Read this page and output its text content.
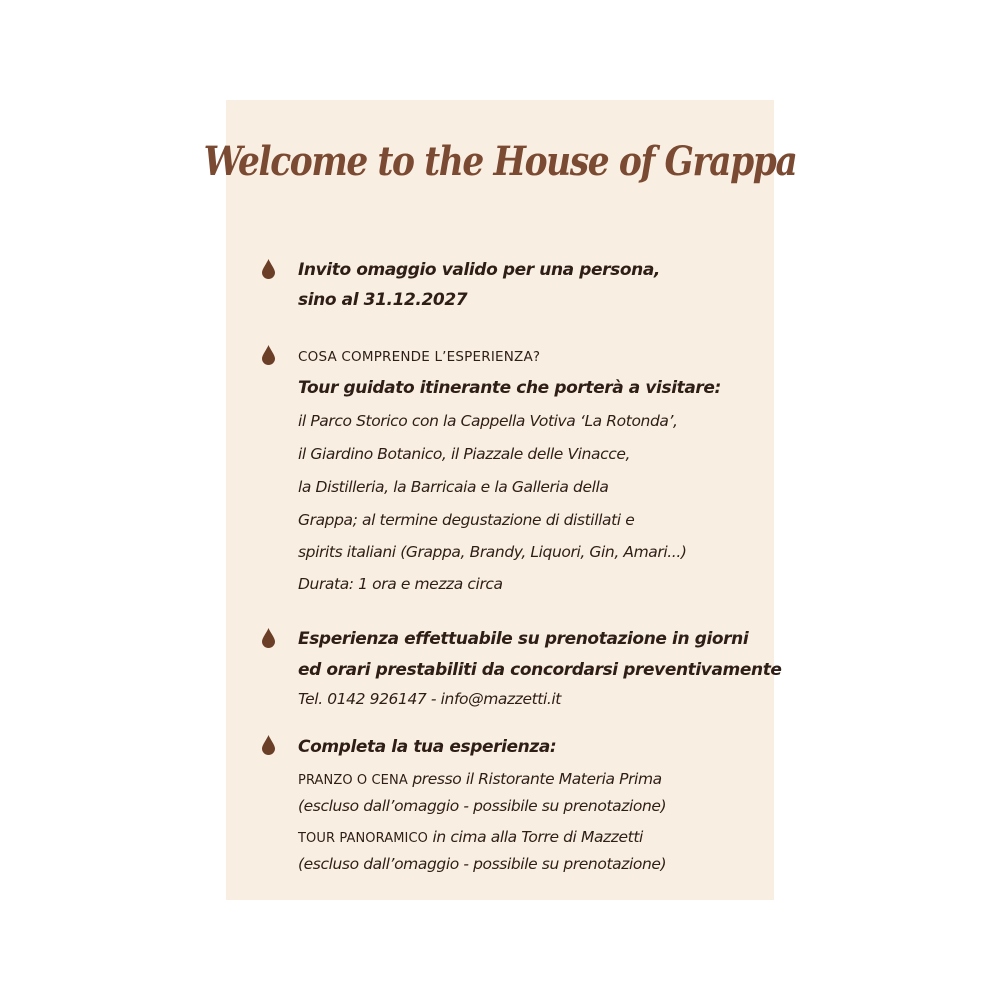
Welcome to the House of Grappa

Invito omaggio valido per una persona,

sino al 31.12.2027

COSA COMPRENDE L’ESPERIENZA?

Tour guidato itinerante che porterà a visitare:

il Parco Storico con la Cappella Votiva ‘La Rotonda’,

il Giardino Botanico, il Piazzale delle Vinacce,

la Distilleria, la Barricaia e la Galleria della

Grappa; al termine degustazione di distillati e

spirits italiani (Grappa, Brandy, Liquori, Gin, Amari...)

Durata: 1 ora e mezza circa

Esperienza effettuabile su prenotazione in giorni

ed orari prestabiliti da concordarsi preventivamente

Tel. 0142 926147 - info@mazzetti.it

Completa la tua esperienza:

PRANZO O CENA presso il Ristorante Materia Prima

(escluso dall’omaggio - possibile su prenotazione)

TOUR PANORAMICO in cima alla Torre di Mazzetti

(escluso dall’omaggio - possibile su prenotazione)
